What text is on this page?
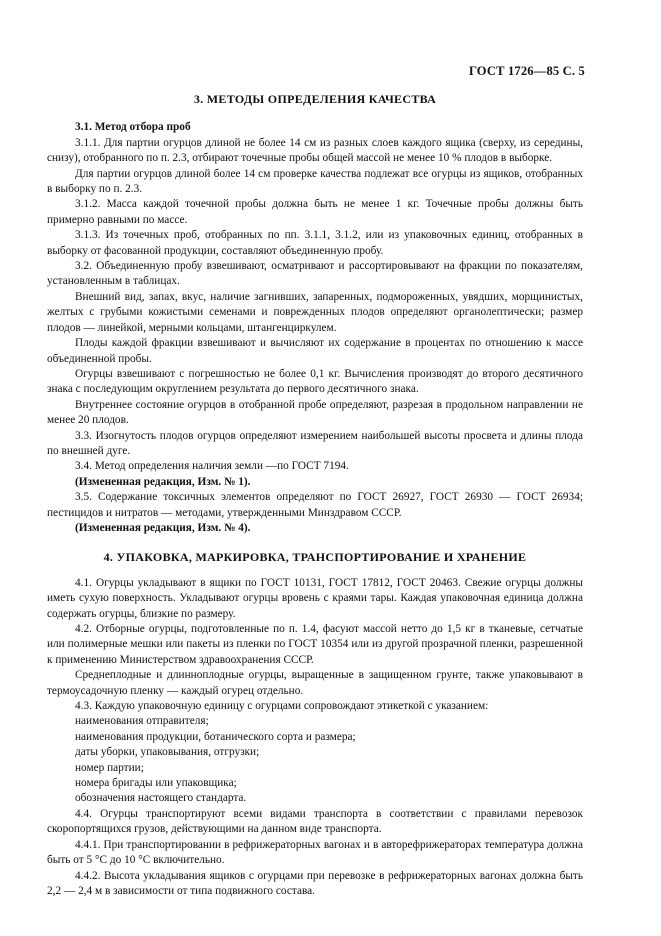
ГОСТ 1726—85 С. 5
3. МЕТОДЫ ОПРЕДЕЛЕНИЯ КАЧЕСТВА

3.1. Метод отбора проб

3.1.1. Для партии огурцов длиной не более 14 см из разных слоев каждого ящика (сверху, из середины, снизу), отобранного по п. 2.3, отбирают точечные пробы общей массой не менее 10 % плодов в выборке.

Для партии огурцов длиной более 14 см проверке качества подлежат все огурцы из ящиков, отобранных в выборку по п. 2.3.

3.1.2. Масса каждой точечной пробы должна быть не менее 1 кг. Точечные пробы должны быть примерно равными по массе.

3.1.3. Из точечных проб, отобранных по пп. 3.1.1, 3.1.2, или из упаковочных единиц, отобранных в выборку от фасованной продукции, составляют объединенную пробу.

3.2. Объединенную пробу взвешивают, осматривают и рассортировывают на фракции по показателям, установленным в таблицах.

Внешний вид, запах, вкус, наличие загнивших, запаренных, подмороженных, увядших, морщинистых, желтых с грубыми кожистыми семенами и поврежденных плодов определяют органолептически; размер плодов — линейкой, мерными кольцами, штангенциркулем.

Плоды каждой фракции взвешивают и вычисляют их содержание в процентах по отношению к массе объединенной пробы.

Огурцы взвешивают с погрешностью не более 0,1 кг. Вычисления производят до второго десятичного знака с последующим округлением результата до первого десятичного знака.

Внутреннее состояние огурцов в отобранной пробе определяют, разрезая в продольном направлении не менее 20 плодов.

3.3. Изогнутость плодов огурцов определяют измерением наибольшей высоты просвета и длины плода по внешней дуге.

3.4. Метод определения наличия земли —по ГОСТ 7194.

(Измененная редакция, Изм. № 1).

3.5. Содержание токсичных элементов определяют по ГОСТ 26927, ГОСТ 26930 — ГОСТ 26934; пестицидов и нитратов — методами, утвержденными Минздравом СССР.

(Измененная редакция, Изм. № 4).

4. УПАКОВКА, МАРКИРОВКА, ТРАНСПОРТИРОВАНИЕ И ХРАНЕНИЕ

4.1. Огурцы укладывают в ящики по ГОСТ 10131, ГОСТ 17812, ГОСТ 20463. Свежие огурцы должны иметь сухую поверхность. Укладывают огурцы вровень с краями тары. Каждая упаковочная единица должна содержать огурцы, близкие по размеру.

4.2. Отборные огурцы, подготовленные по п. 1.4, фасуют массой нетто до 1,5 кг в тканевые, сетчатые или полимерные мешки или пакеты из пленки по ГОСТ 10354 или из другой прозрачной пленки, разрешенной к применению Министерством здравоохранения СССР.

Среднеплодные и длинноплодные огурцы, выращенные в защищенном грунте, также упаковывают в термоусадочную пленку — каждый огурец отдельно.

4.3. Каждую упаковочную единицу с огурцами сопровождают этикеткой с указанием:

наименования отправителя;

наименования продукции, ботанического сорта и размера;

даты уборки, упаковывания, отгрузки;

номер партии;

номера бригады или упаковщика;

обозначения настоящего стандарта.

4.4. Огурцы транспортируют всеми видами транспорта в соответствии с правилами перевозок скоропортящихся грузов, действующими на данном виде транспорта.

4.4.1. При транспортировании в рефрижераторных вагонах и в авторефрижераторах температура должна быть от 5 °С до 10 °С включительно.

4.4.2. Высота укладывания ящиков с огурцами при перевозке в рефрижераторных вагонах должна быть 2,2 — 2,4 м в зависимости от типа подвижного состава.
